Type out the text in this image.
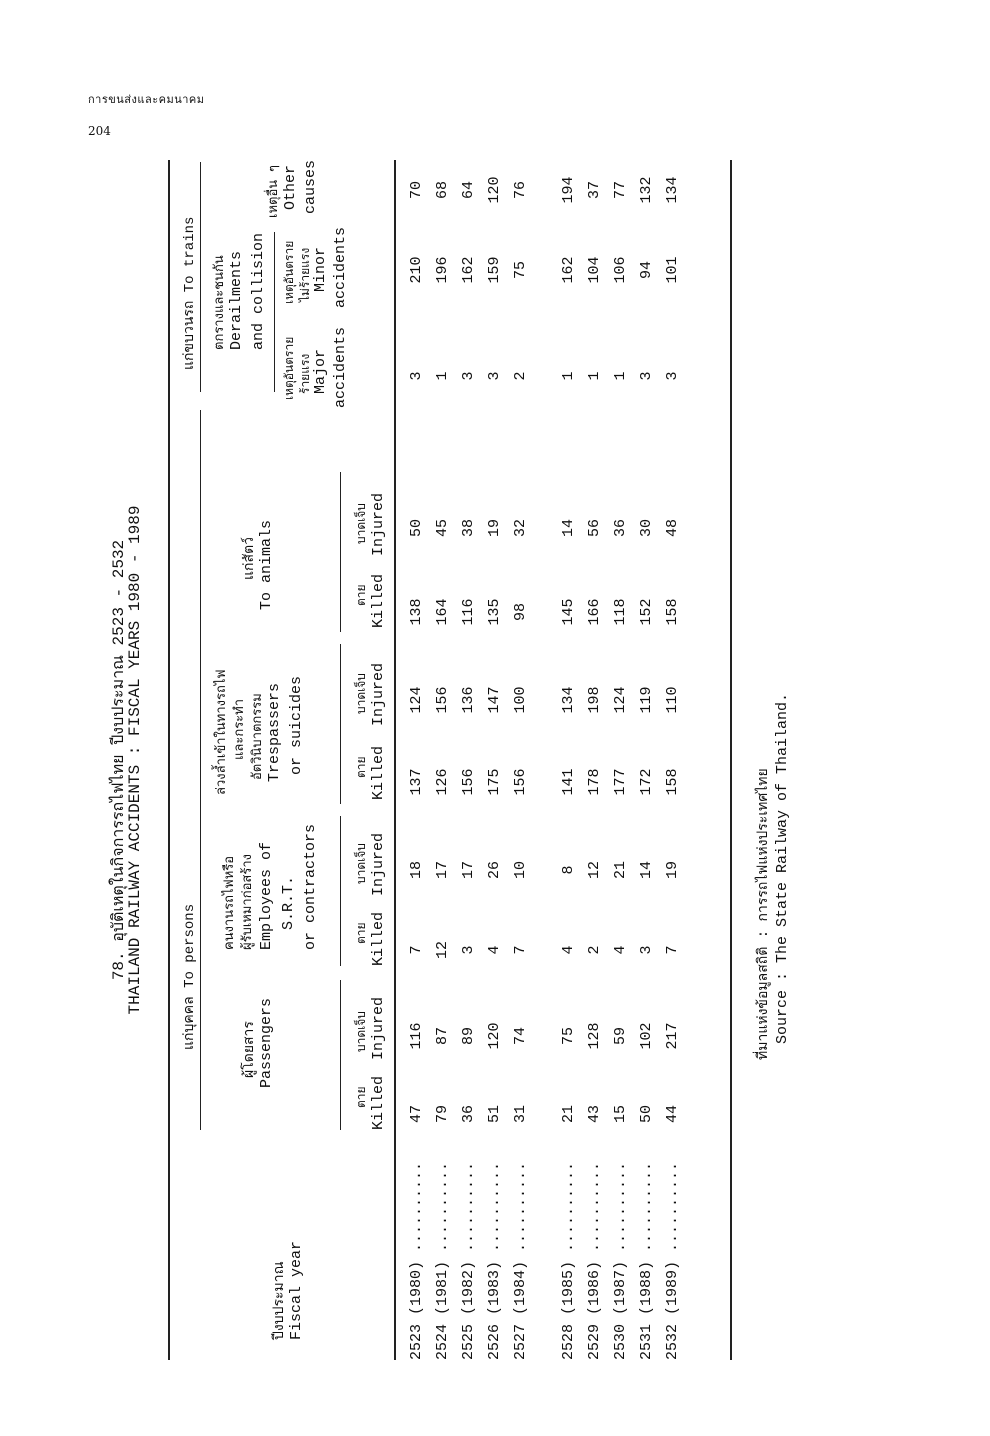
การขนส่งและคมนาคม
204
78. อุบัติเหตุในกิจการรถไฟไทย ปีงบประมาณ 2523 - 2532
THAILAND RAILWAY ACCIDENTS : FISCAL YEARS 1980 - 1989
ปีงบประมาณ Fiscal year
แก่บุคคล To persons
แก่ขบวนรถ To trains
ผู้โดยสาร Passengers
คนงานรถไฟหรือ ผู้รับเหมาก่อสร้าง Employees of S.R.T. or contractors
ล่วงล้ำเข้าในทางรถไฟ และกระทำ อัตวินิบาตกรรม Trespassers or suicides
แก่สัตว์ To animals
ตกรางและชนกัน Derailments and collision
เหตุอันตราย ร้ายแรง Major accidents
เหตุอันตราย ไม่ร้ายแรง Minor accidents
เหตุอื่น ๆ Other causes
ตาย Killed
บาดเจ็บ Injured
ตาย Killed
บาดเจ็บ Injured
ตาย Killed
บาดเจ็บ Injured
ตาย Killed
บาดเจ็บ Injured
2523 (1980)
..........
47
116
7
18
137
124
138
50
3
210
70
2524 (1981)
..........
79
87
12
17
126
156
164
45
1
196
68
2525 (1982)
..........
36
89
3
17
156
136
116
38
3
162
64
2526 (1983)
..........
51
120
4
26
175
147
135
19
3
159
120
2527 (1984)
..........
31
74
7
10
156
100
98
32
2
75
76
2528 (1985)
..........
21
75
4
8
141
134
145
14
1
162
194
2529 (1986)
..........
43
128
2
12
178
198
166
56
1
104
37
2530 (1987)
..........
15
59
4
21
177
124
118
36
1
106
77
2531 (1988)
..........
50
102
3
14
172
119
152
30
3
94
132
2532 (1989)
..........
44
217
7
19
158
110
158
48
3
101
134
ที่มาแห่งข้อมูลสถิติ : การรถไฟแห่งประเทศไทย Source : The State Railway of Thailand.
